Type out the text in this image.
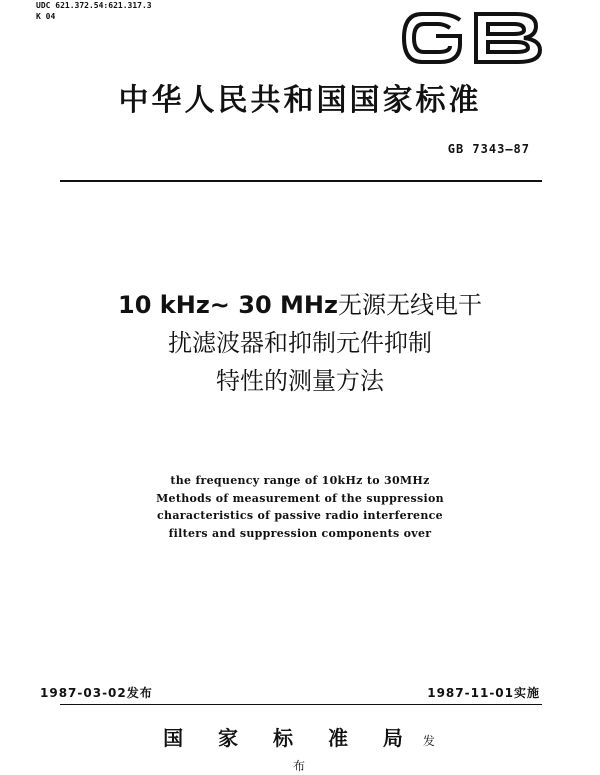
UDC 621.372.54:621.317.3
K 04
中华人民共和国国家标准
GB 7343—87
10 kHz~ 30 MHz无源无线电干
扰滤波器和抑制元件抑制
特性的测量方法
the frequency range of 10kHz to 30MHz
Methods of measurement of the suppression
characteristics of passive radio interference
filters and suppression components over
1987-03-02发布	1987-11-01实施
国 家 标 准 局 发布
